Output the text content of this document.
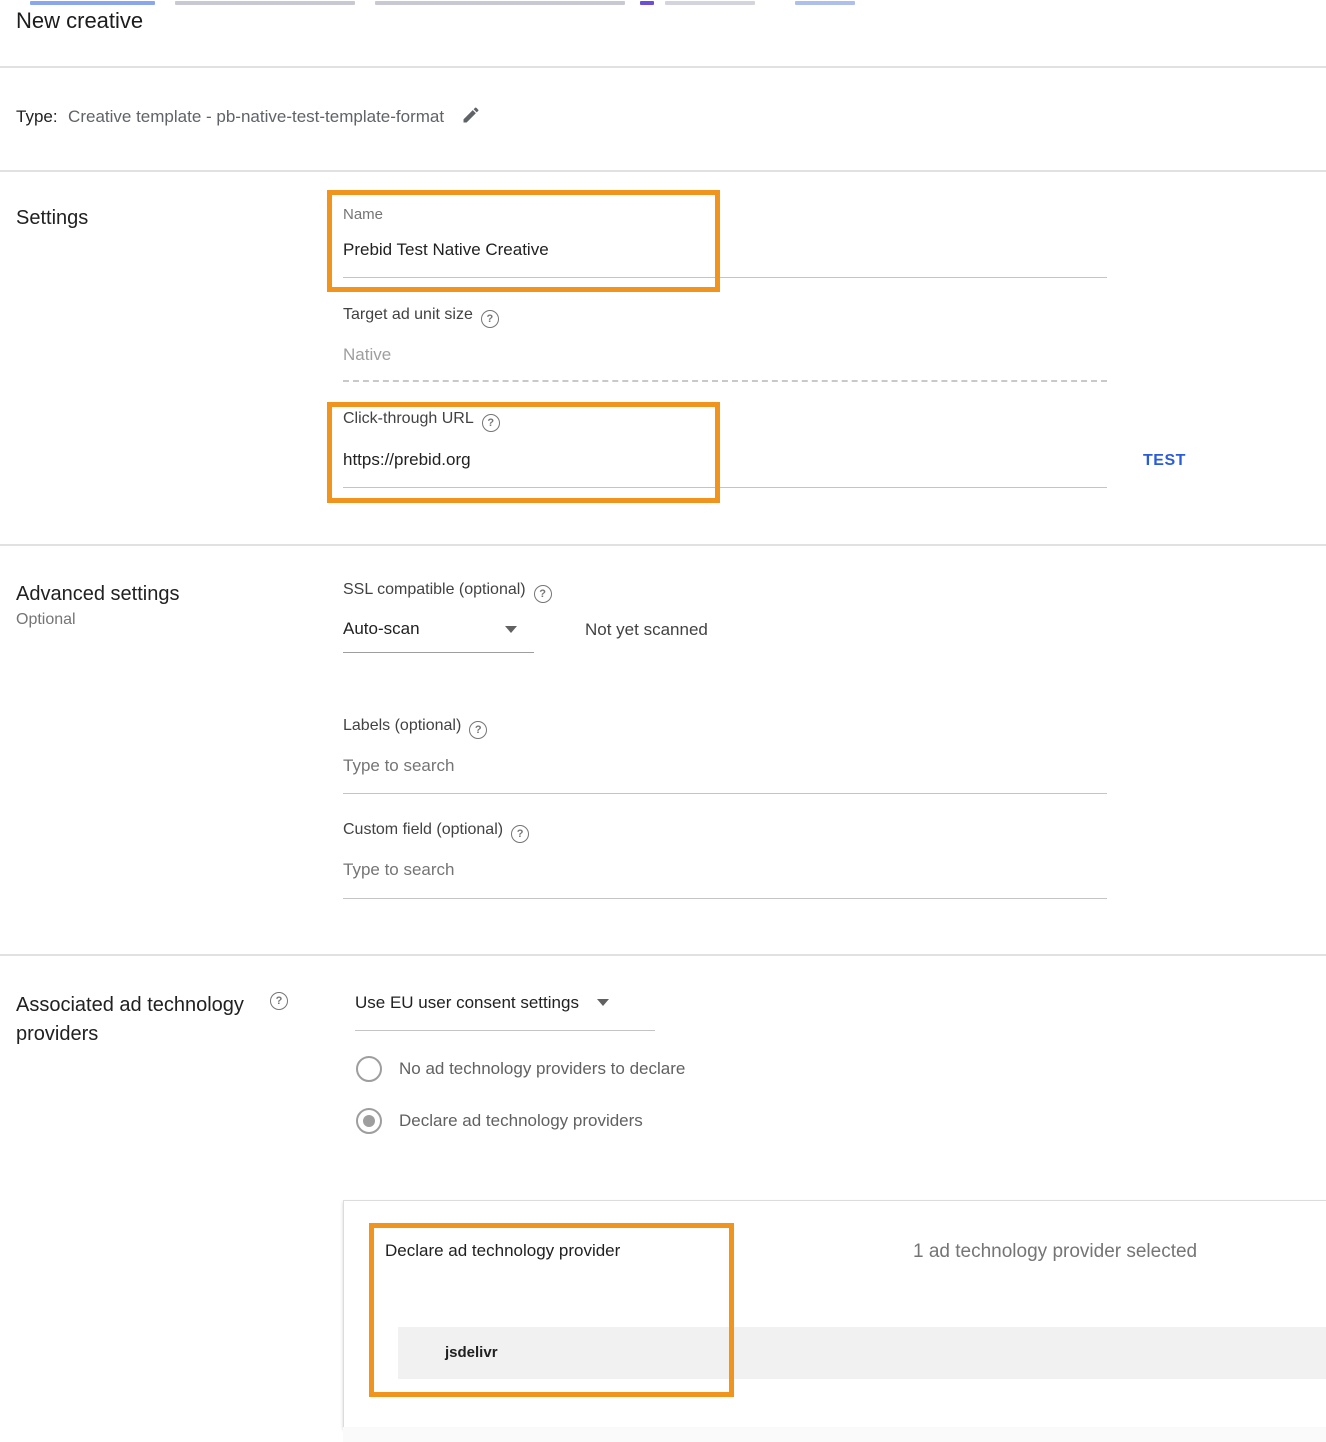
New creative
Type: Creative template - pb-native-test-template-format
Settings	Name
Prebid Test Native Creative
Target ad unit size ?
Native
Click-through URL ?
https://prebid.org	TEST
Advanced settings
Optional
SSL compatible (optional) ?
Auto-scan	Not yet scanned
Labels (optional) ?
Type to search
Custom field (optional) ?
Type to search
Associated ad technology providers
?	Use EU user consent settings
No ad technology providers to declare
Declare ad technology providers
Declare ad technology provider	1 ad technology provider selected
jsdelivr
